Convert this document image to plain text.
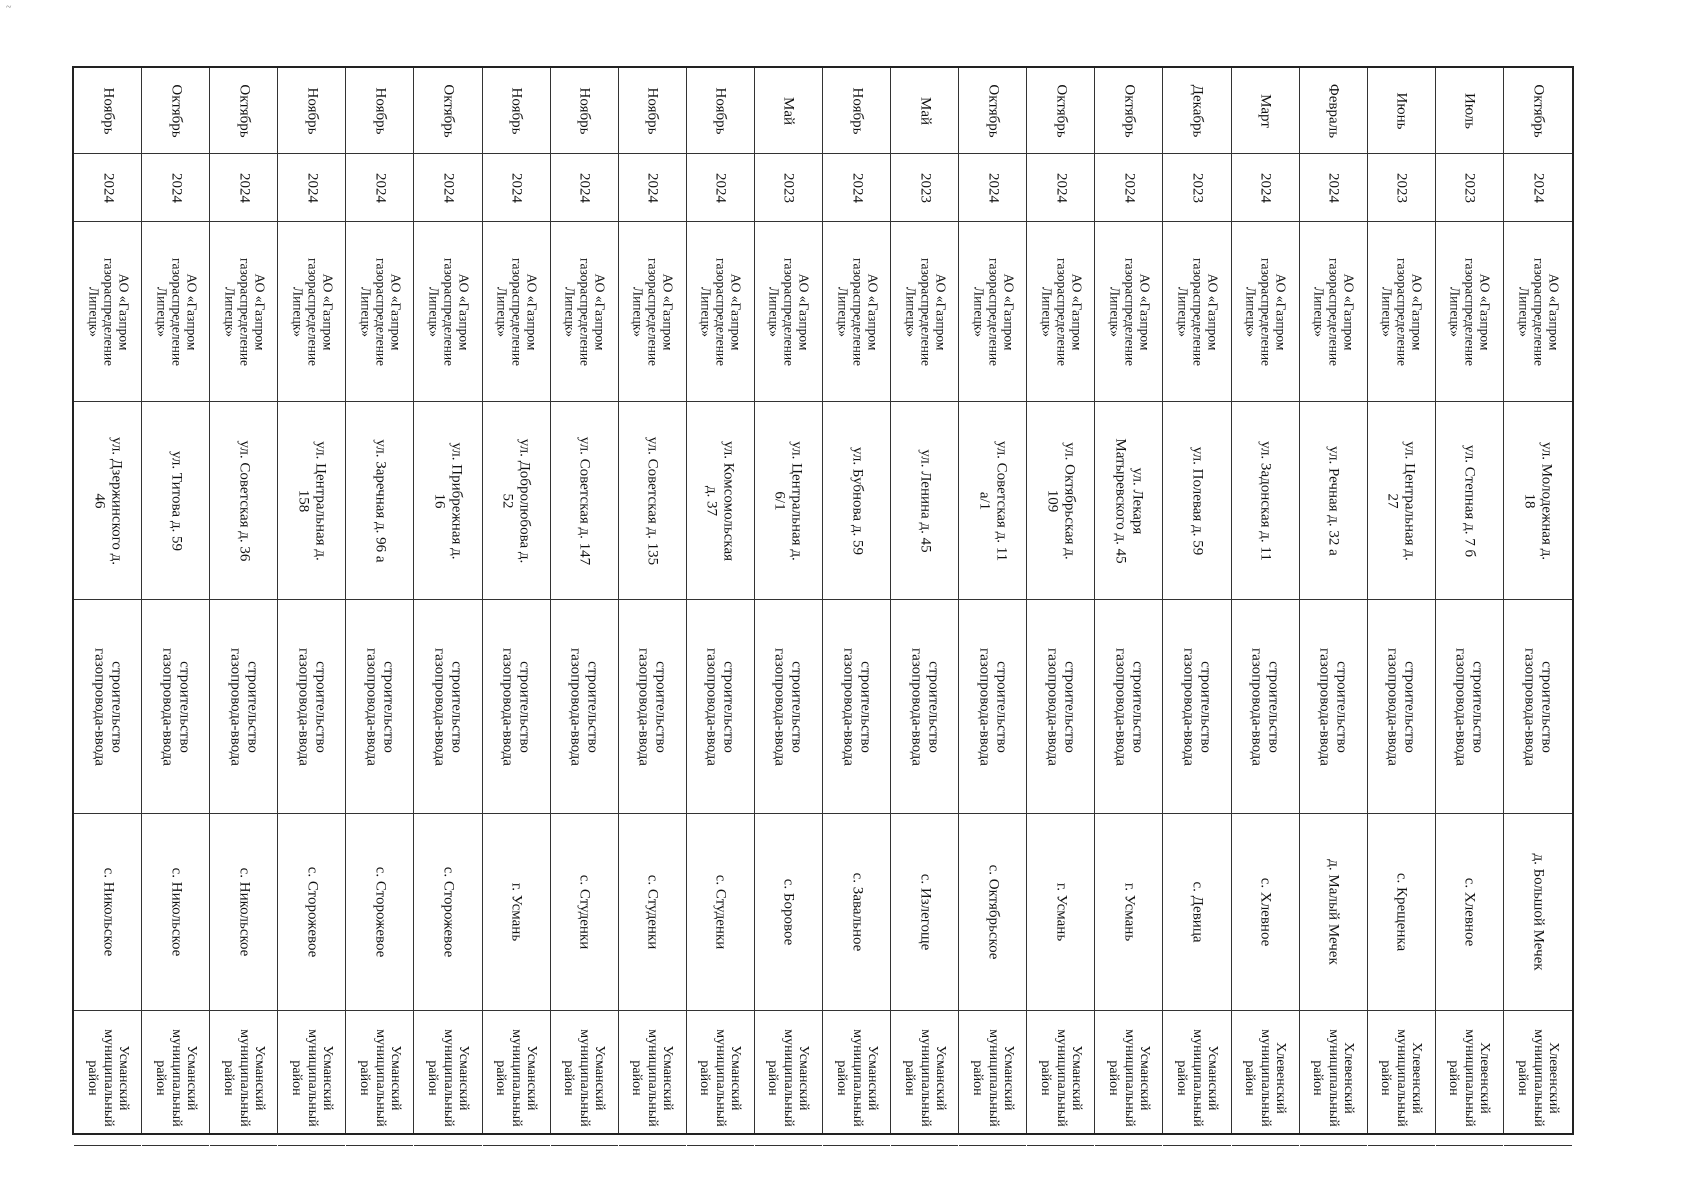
~
Ноябрь
2024
АО «Газпром
газораспределение
Липецк»
ул. Дзержинского д.
46
строительство
газопровода-ввода
с. Никольское
Усманский
муниципальный
район
Октябрь
2024
АО «Газпром
газораспределение
Липецк»
ул. Титова д. 59
строительство
газопровода-ввода
с. Никольское
Усманский
муниципальный
район
Октябрь
2024
АО «Газпром
газораспределение
Липецк»
ул. Советская д. 36
строительство
газопровода-ввода
с. Никольское
Усманский
муниципальный
район
Ноябрь
2024
АО «Газпром
газораспределение
Липецк»
ул. Центральная д.
158
строительство
газопровода-ввода
с. Сторожевое
Усманский
муниципальный
район
Ноябрь
2024
АО «Газпром
газораспределение
Липецк»
ул. Заречная д. 96 а
строительство
газопровода-ввода
с. Сторожевое
Усманский
муниципальный
район
Октябрь
2024
АО «Газпром
газораспределение
Липецк»
ул. Прибрежная д.
16
строительство
газопровода-ввода
с. Сторожевое
Усманский
муниципальный
район
Ноябрь
2024
АО «Газпром
газораспределение
Липецк»
ул. Добролюбова д.
52
строительство
газопровода-ввода
г. Усмань
Усманский
муниципальный
район
Ноябрь
2024
АО «Газпром
газораспределение
Липецк»
ул. Советская д. 147
строительство
газопровода-ввода
с. Студенки
Усманский
муниципальный
район
Ноябрь
2024
АО «Газпром
газораспределение
Липецк»
ул. Советская д. 135
строительство
газопровода-ввода
с. Студенки
Усманский
муниципальный
район
Ноябрь
2024
АО «Газпром
газораспределение
Липецк»
ул. Комсомольская
д. 37
строительство
газопровода-ввода
с. Студенки
Усманский
муниципальный
район
Май
2023
АО «Газпром
газораспределение
Липецк»
ул. Центральная д.
6/1
строительство
газопровода-ввода
с. Боровое
Усманский
муниципальный
район
Ноябрь
2024
АО «Газпром
газораспределение
Липецк»
ул. Бубнова д. 59
строительство
газопровода-ввода
с. Завальное
Усманский
муниципальный
район
Май
2023
АО «Газпром
газораспределение
Липецк»
ул. Ленина д. 45
строительство
газопровода-ввода
с. Излегоще
Усманский
муниципальный
район
Октябрь
2024
АО «Газпром
газораспределение
Липецк»
ул. Советская д. 11
а/1
строительство
газопровода-ввода
с. Октябрьское
Усманский
муниципальный
район
Октябрь
2024
АО «Газпром
газораспределение
Липецк»
ул. Октябрьская д.
109
строительство
газопровода-ввода
г. Усмань
Усманский
муниципальный
район
Октябрь
2024
АО «Газпром
газораспределение
Липецк»
ул. Лекаря
Матыревского д. 45
строительство
газопровода-ввода
г. Усмань
Усманский
муниципальный
район
Декабрь
2023
АО «Газпром
газораспределение
Липецк»
ул. Полевая д. 59
строительство
газопровода-ввода
с. Девица
Усманский
муниципальный
район
Март
2024
АО «Газпром
газораспределение
Липецк»
ул. Задонская д. 11
строительство
газопровода-ввода
с. Хлевное
Хлевенский
муниципальный
район
Февраль
2024
АО «Газпром
газораспределение
Липецк»
ул. Речная д. 32 а
строительство
газопровода-ввода
д. Малый Мечек
Хлевенский
муниципальный
район
Июнь
2023
АО «Газпром
газораспределение
Липецк»
ул. Центральная д.
27
строительство
газопровода-ввода
с. Крещенка
Хлевенский
муниципальный
район
Июль
2023
АО «Газпром
газораспределение
Липецк»
ул. Степная д. 7 б
строительство
газопровода-ввода
с. Хлевное
Хлевенский
муниципальный
район
Октябрь
2024
АО «Газпром
газораспределение
Липецк»
ул. Молодежная д.
18
строительство
газопровода-ввода
д. Большой Мечек
Хлевенский
муниципальный
район
